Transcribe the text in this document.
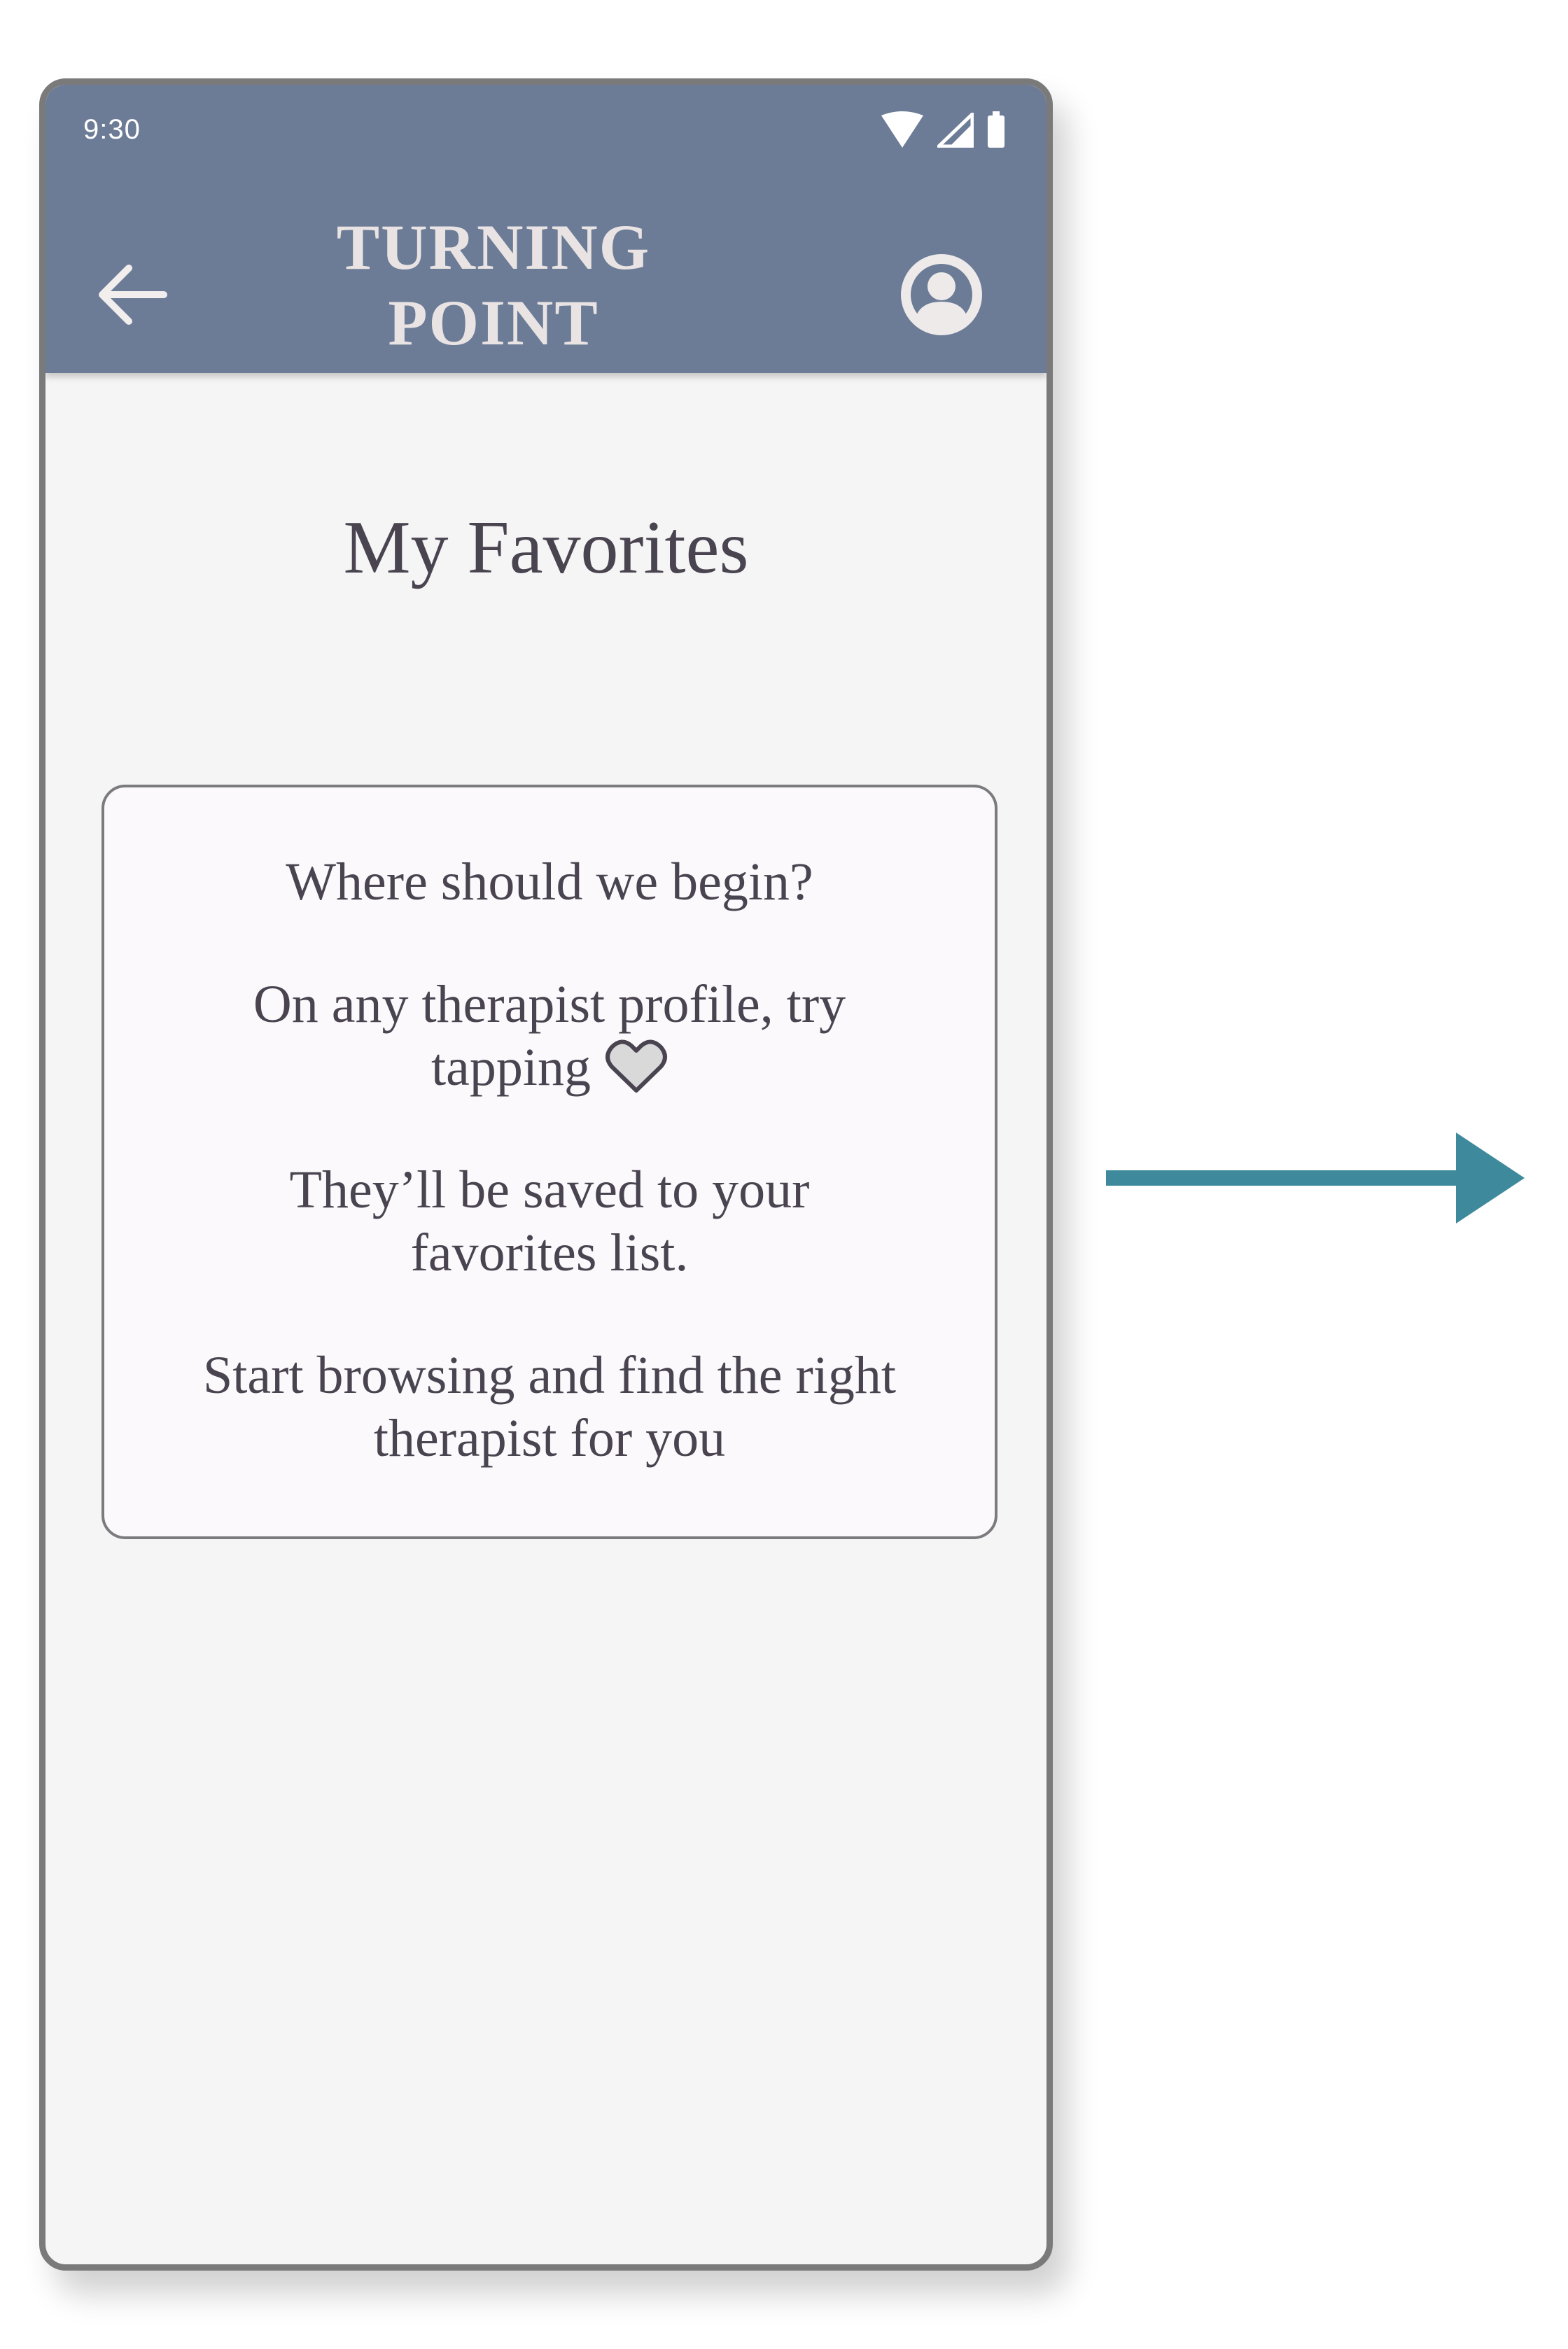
9:30
TURNING
POINT
My Favorites
Where should we begin?
On any therapist profile, try
tapping
They’ll be saved to your
favorites list.
Start browsing and find the right
therapist for you
